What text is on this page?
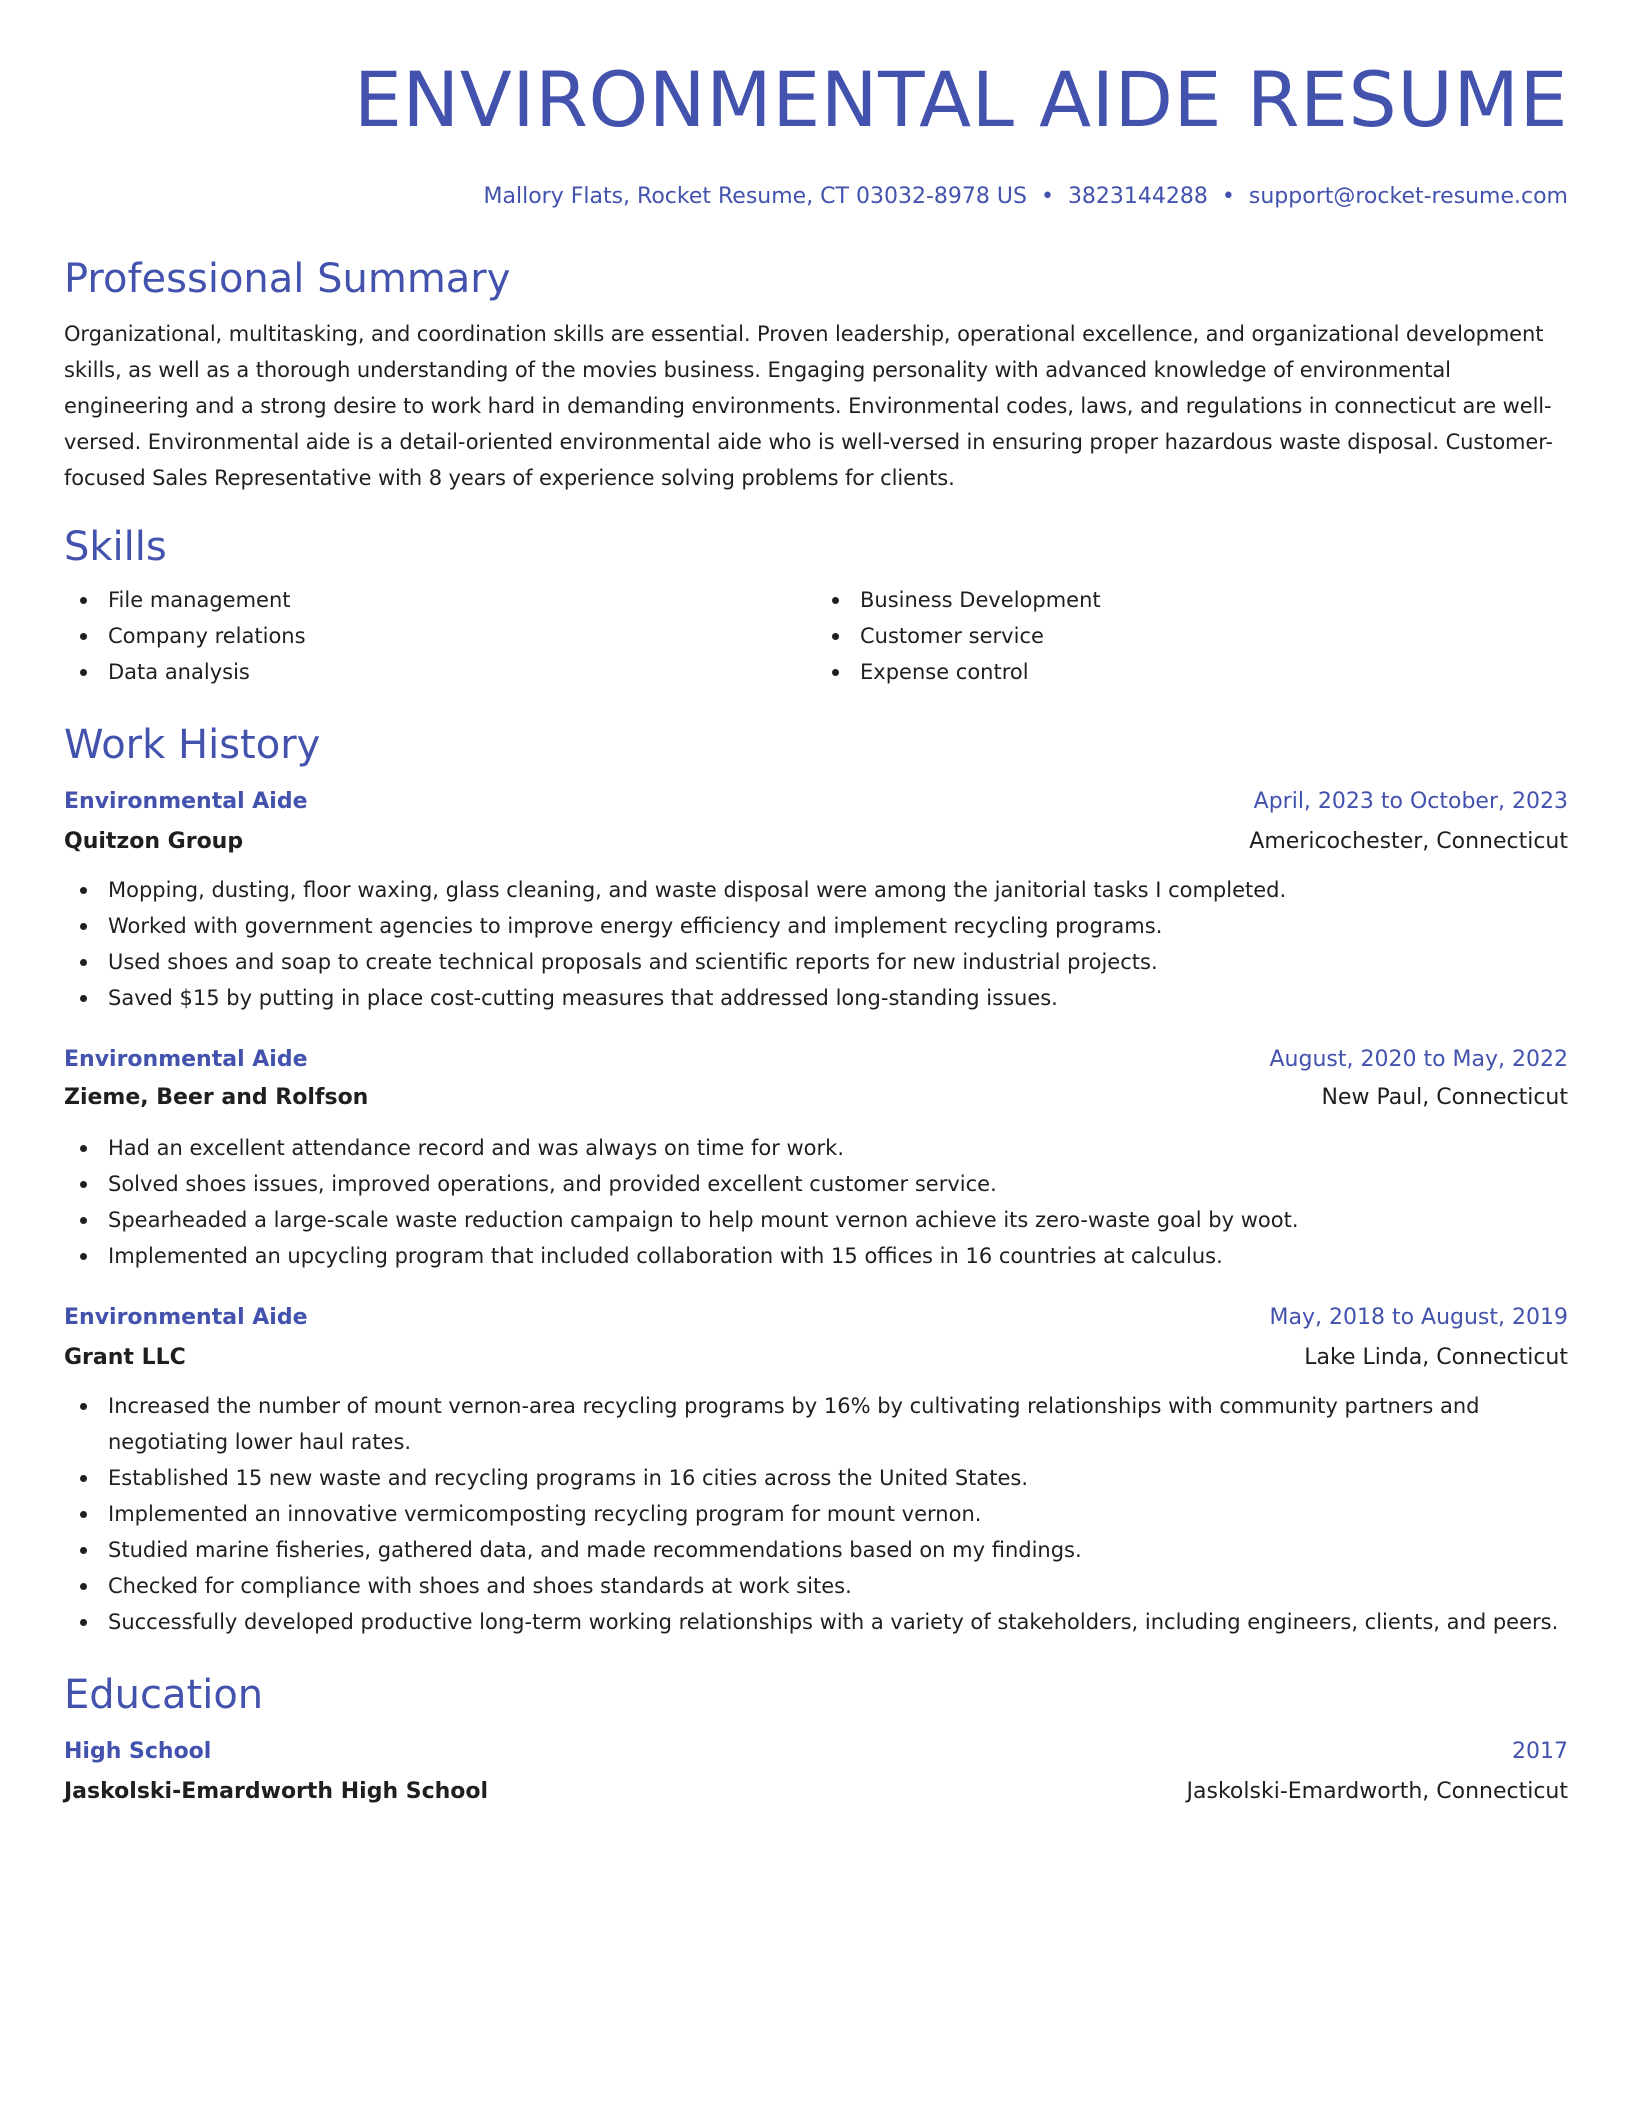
ENVIRONMENTAL AIDE RESUME
Mallory Flats, Rocket Resume, CT 03032-8978 US • 3823144288 • support@rocket-resume.com
Professional Summary
Organizational, multitasking, and coordination skills are essential. Proven leadership, operational excellence, and organizational development skills, as well as a thorough understanding of the movies business. Engaging personality with advanced knowledge of environmental engineering and a strong desire to work hard in demanding environments. Environmental codes, laws, and regulations in connecticut are well-versed. Environmental aide is a detail-oriented environmental aide who is well-versed in ensuring proper hazardous waste disposal. Customer-focused Sales Representative with 8 years of experience solving problems for clients.
Skills
File management
Company relations
Data analysis
Business Development
Customer service
Expense control
Work History
Environmental Aide	April, 2023 to October, 2023
Quitzon Group	Americochester, Connecticut
Mopping, dusting, floor waxing, glass cleaning, and waste disposal were among the janitorial tasks I completed.
Worked with government agencies to improve energy efficiency and implement recycling programs.
Used shoes and soap to create technical proposals and scientific reports for new industrial projects.
Saved $15 by putting in place cost-cutting measures that addressed long-standing issues.
Environmental Aide	August, 2020 to May, 2022
Zieme, Beer and Rolfson	New Paul, Connecticut
Had an excellent attendance record and was always on time for work.
Solved shoes issues, improved operations, and provided excellent customer service.
Spearheaded a large-scale waste reduction campaign to help mount vernon achieve its zero-waste goal by woot.
Implemented an upcycling program that included collaboration with 15 offices in 16 countries at calculus.
Environmental Aide	May, 2018 to August, 2019
Grant LLC	Lake Linda, Connecticut
Increased the number of mount vernon-area recycling programs by 16% by cultivating relationships with community partners and negotiating lower haul rates.
Established 15 new waste and recycling programs in 16 cities across the United States.
Implemented an innovative vermicomposting recycling program for mount vernon.
Studied marine fisheries, gathered data, and made recommendations based on my findings.
Checked for compliance with shoes and shoes standards at work sites.
Successfully developed productive long-term working relationships with a variety of stakeholders, including engineers, clients, and peers.
Education
High School	2017
Jaskolski-Emardworth High School	Jaskolski-Emardworth, Connecticut
